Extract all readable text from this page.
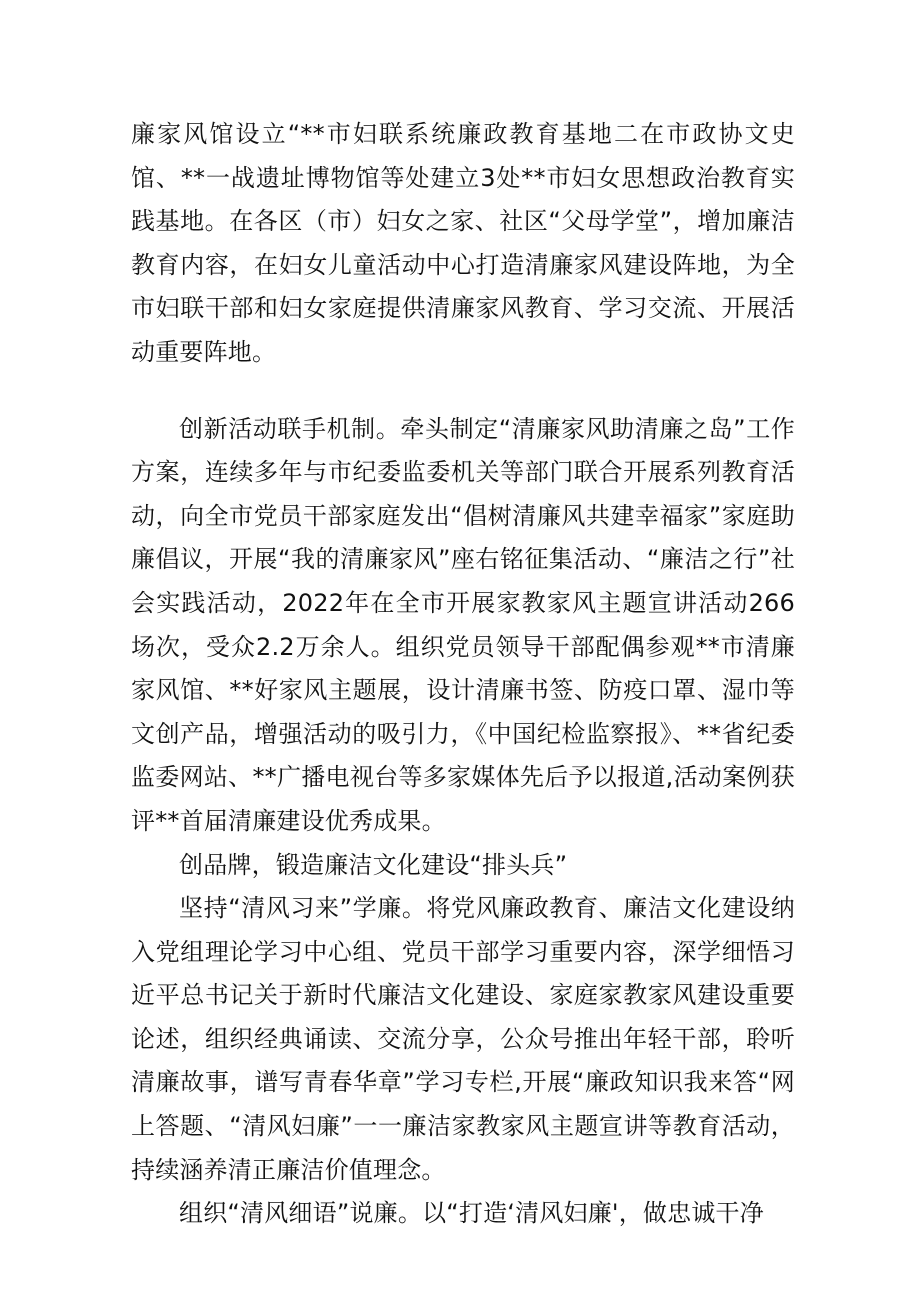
廉家风馆设立“**市妇联系统廉政教育基地二在市政协文史馆、**一战遗址博物馆等处建立3处**市妇女思想政治教育实践基地。在各区（市）妇女之家、社区“父母学堂”，增加廉洁教育内容，在妇女儿童活动中心打造清廉家风建设阵地，为全市妇联干部和妇女家庭提供清廉家风教育、学习交流、开展活动重要阵地。

创新活动联手机制。牵头制定“清廉家风助清廉之岛”工作方案，连续多年与市纪委监委机关等部门联合开展系列教育活动，向全市党员干部家庭发出“倡树清廉风共建幸福家”家庭助廉倡议，开展“我的清廉家风”座右铭征集活动、“廉洁之行”社会实践活动，2022年在全市开展家教家风主题宣讲活动266场次，受众2.2万余人。组织党员领导干部配偶参观**市清廉家风馆、**好家风主题展，设计清廉书签、防疫口罩、湿巾等文创产品，增强活动的吸引力，《中国纪检监察报》、**省纪委监委网站、**广播电视台等多家媒体先后予以报道,活动案例获评**首届清廉建设优秀成果。

创品牌，锻造廉洁文化建设“排头兵”

坚持“清风习来”学廉。将党风廉政教育、廉洁文化建设纳入党组理论学习中心组、党员干部学习重要内容，深学细悟习近平总书记关于新时代廉洁文化建设、家庭家教家风建设重要论述，组织经典诵读、交流分享，公众号推出年轻干部，聆听清廉故事，谱写青春华章”学习专栏,开展“廉政知识我来答“网上答题、“清风妇廉”一一廉洁家教家风主题宣讲等教育活动，持续涵养清正廉洁价值理念。

组织“清风细语”说廉。以“打造‘清风妇廉'，做忠诚干净
